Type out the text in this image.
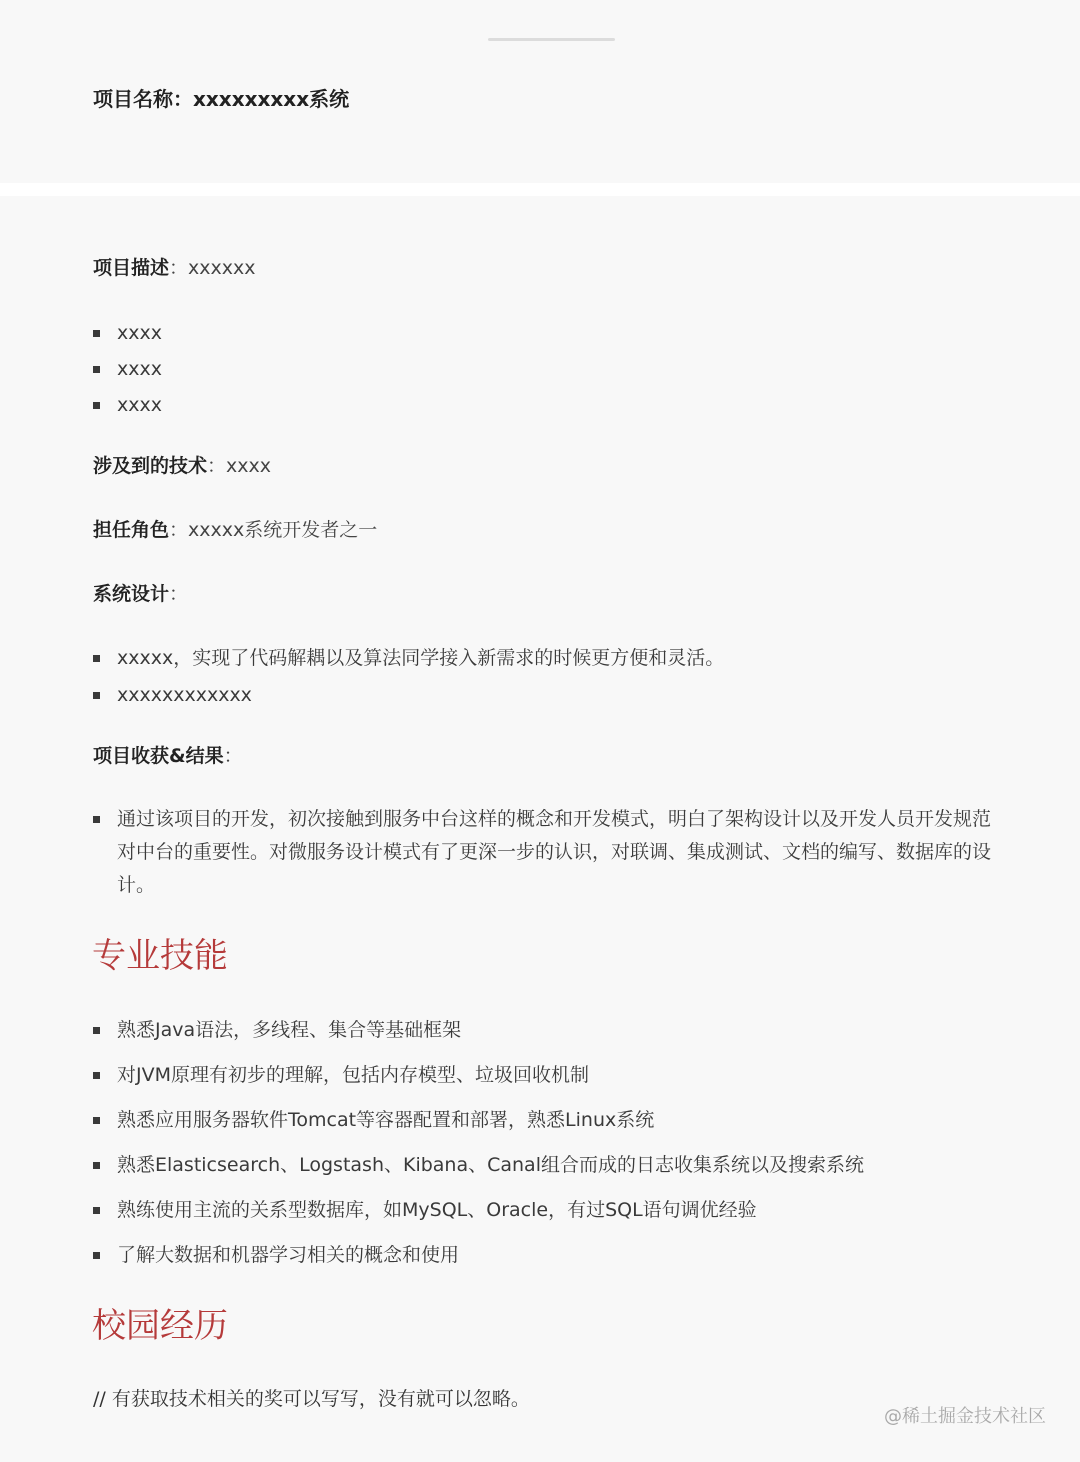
项目名称：xxxxxxxxx系统
项目描述：xxxxxx
xxxx
xxxx
xxxx
涉及到的技术：xxxx
担任角色：xxxxx系统开发者之一
系统设计：
xxxxx，实现了代码解耦以及算法同学接入新需求的时候更方便和灵活。
xxxxxxxxxxxx
项目收获&结果：
通过该项目的开发，初次接触到服务中台这样的概念和开发模式，明白了架构设计以及开发人员开发规范对中台的重要性。对微服务设计模式有了更深一步的认识，对联调、集成测试、文档的编写、数据库的设计。
专业技能
熟悉Java语法，多线程、集合等基础框架
对JVM原理有初步的理解，包括内存模型、垃圾回收机制
熟悉应用服务器软件Tomcat等容器配置和部署，熟悉Linux系统
熟悉Elasticsearch、Logstash、Kibana、Canal组合而成的日志收集系统以及搜索系统
熟练使用主流的关系型数据库，如MySQL、Oracle，有过SQL语句调优经验
了解大数据和机器学习相关的概念和使用
校园经历
// 有获取技术相关的奖可以写写，没有就可以忽略。
@稀土掘金技术社区
